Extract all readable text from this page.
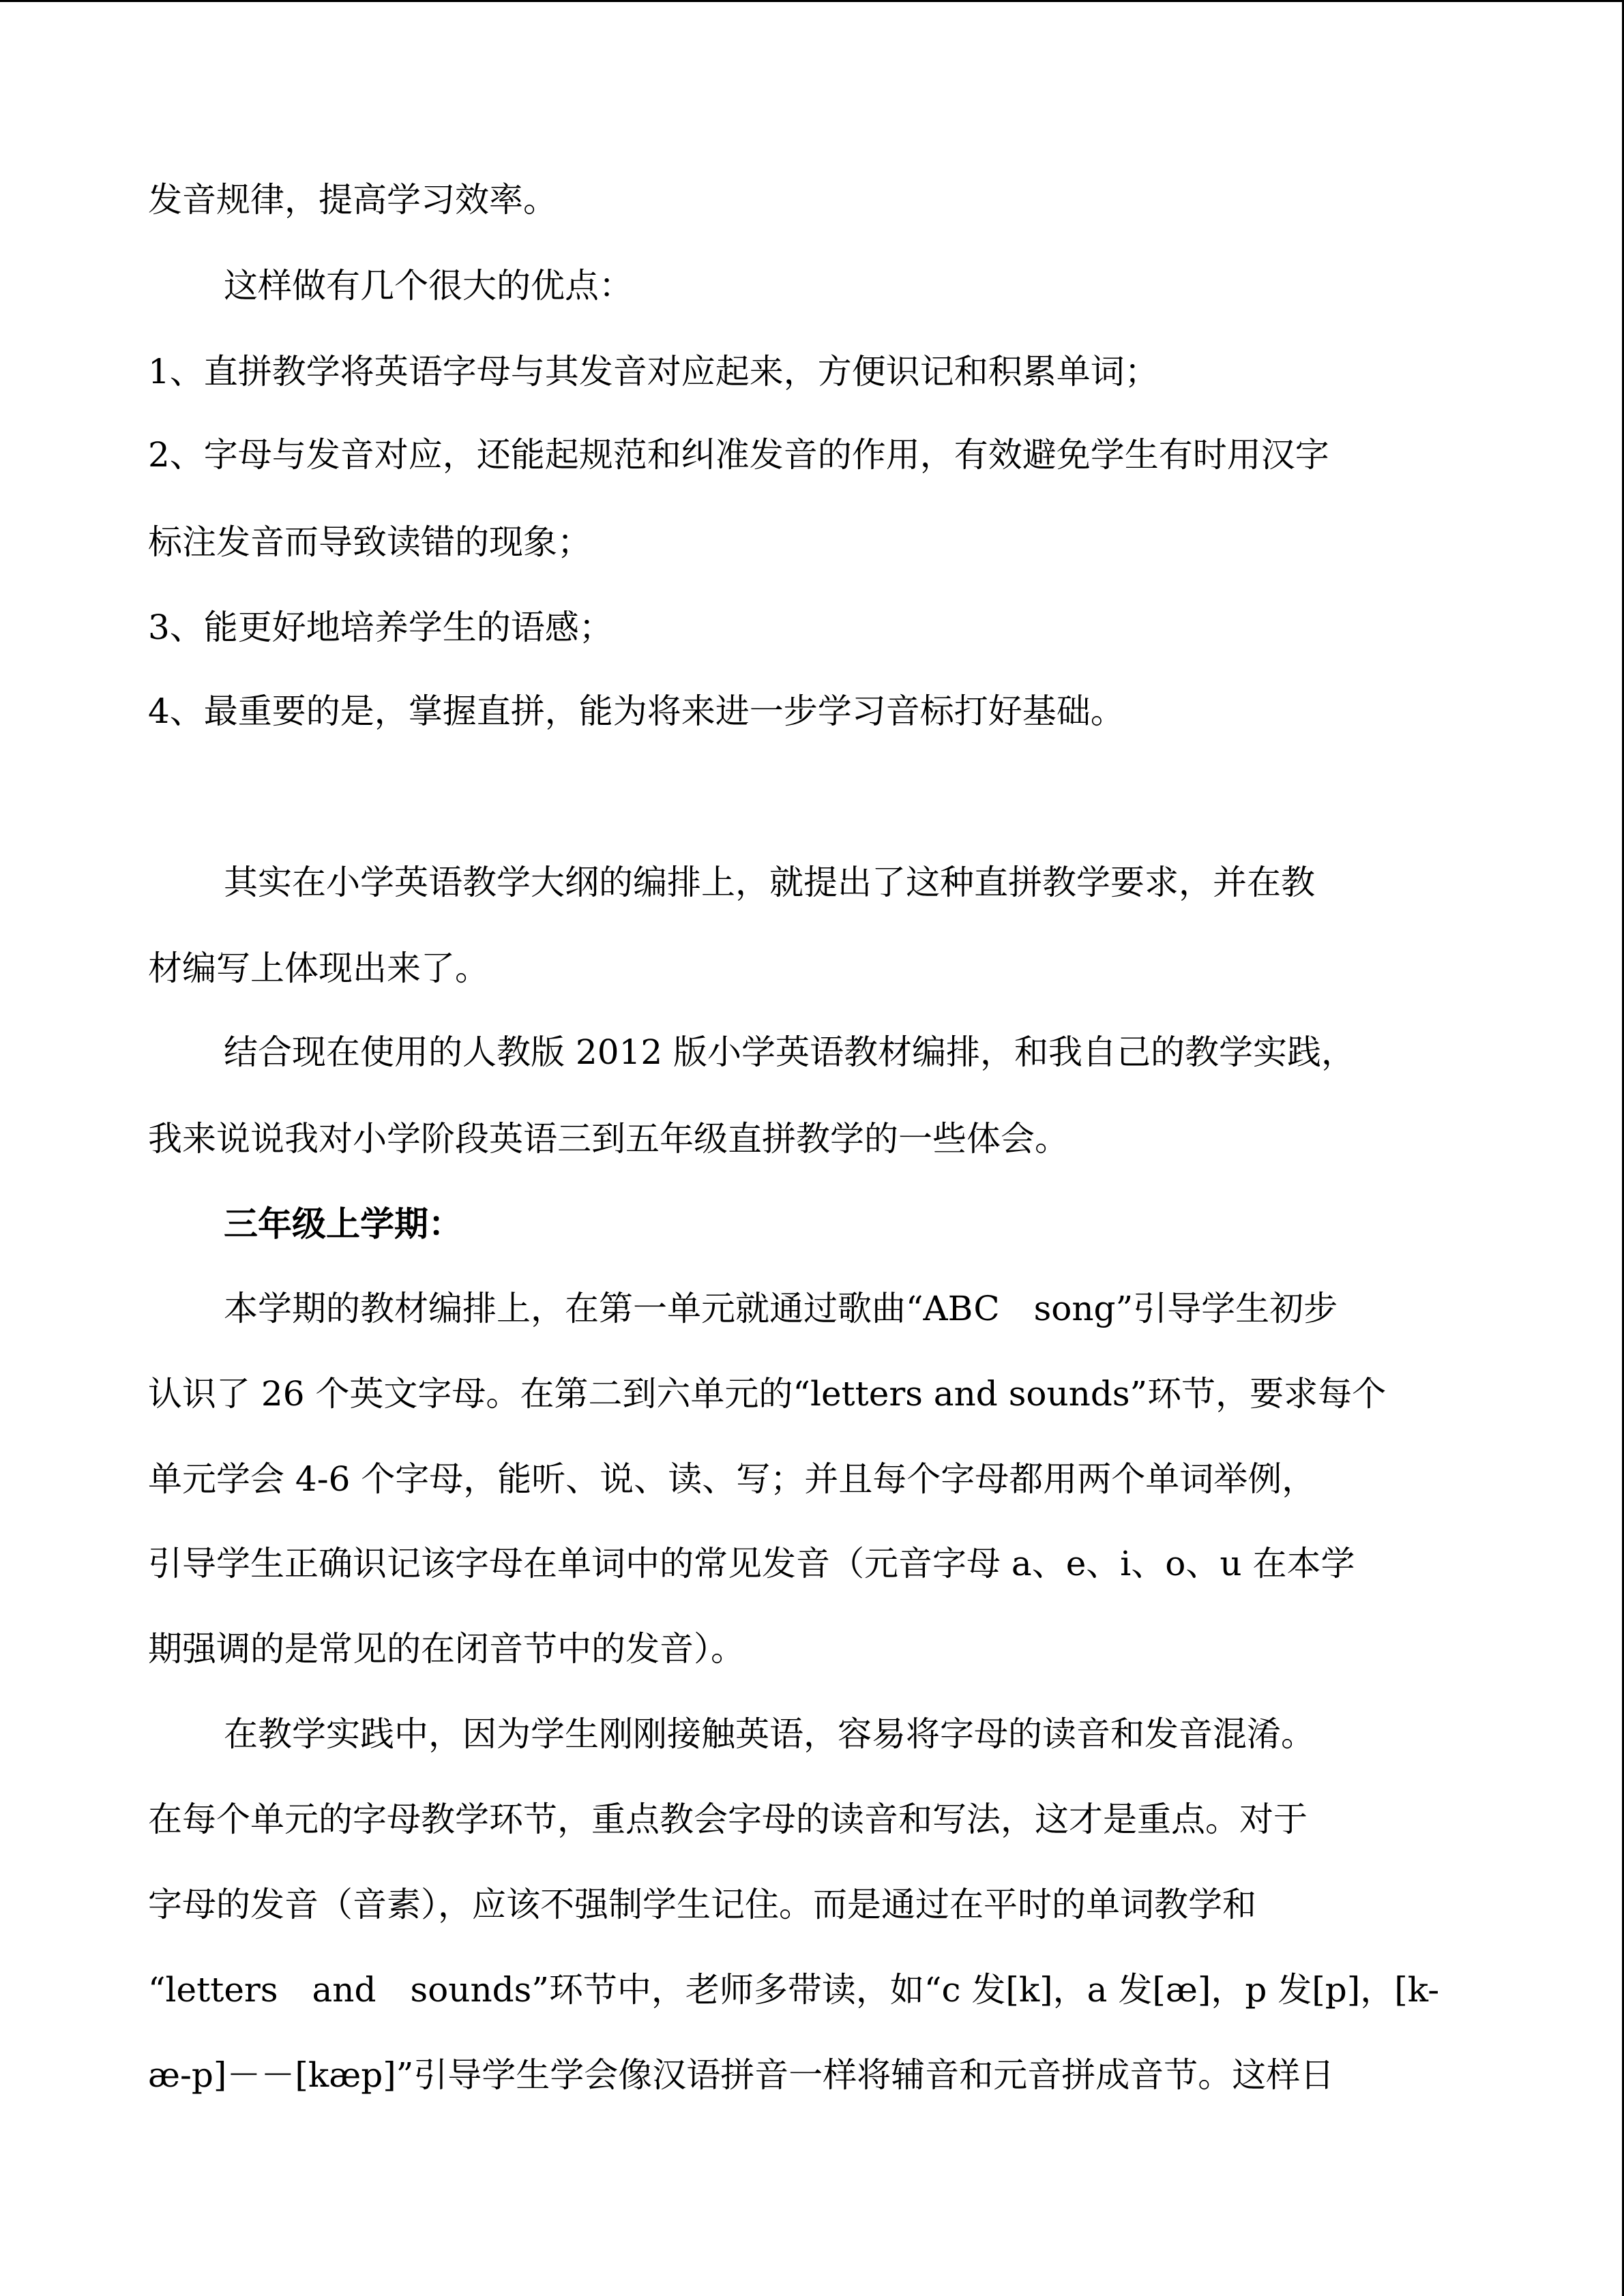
发音规律，提高学习效率。
这样做有几个很大的优点：
1、直拼教学将英语字母与其发音对应起来，方便识记和积累单词；
2、字母与发音对应，还能起规范和纠准发音的作用，有效避免学生有时用汉字
标注发音而导致读错的现象；
3、能更好地培养学生的语感；
4、最重要的是，掌握直拼，能为将来进一步学习音标打好基础。
其实在小学英语教学大纲的编排上，就提出了这种直拼教学要求，并在教
材编写上体现出来了。
结合现在使用的人教版 2012 版小学英语教材编排，和我自己的教学实践，
我来说说我对小学阶段英语三到五年级直拼教学的一些体会。
三年级上学期：
本学期的教材编排上，在第一单元就通过歌曲“ABC　song”引导学生初步
认识了 26 个英文字母。在第二到六单元的“letters and sounds”环节，要求每个
单元学会 4-6 个字母，能听、说、读、写；并且每个字母都用两个单词举例，
引导学生正确识记该字母在单词中的常见发音（元音字母 a、e、i、o、u 在本学
期强调的是常见的在闭音节中的发音）。
在教学实践中，因为学生刚刚接触英语，容易将字母的读音和发音混淆。
在每个单元的字母教学环节，重点教会字母的读音和写法，这才是重点。对于
字母的发音（音素），应该不强制学生记住。而是通过在平时的单词教学和
“letters　and　sounds”环节中，老师多带读，如“c 发[k]，a 发[æ]，p 发[p]，[k-
æ-p]－－[kæp]”引导学生学会像汉语拼音一样将辅音和元音拼成音节。这样日
